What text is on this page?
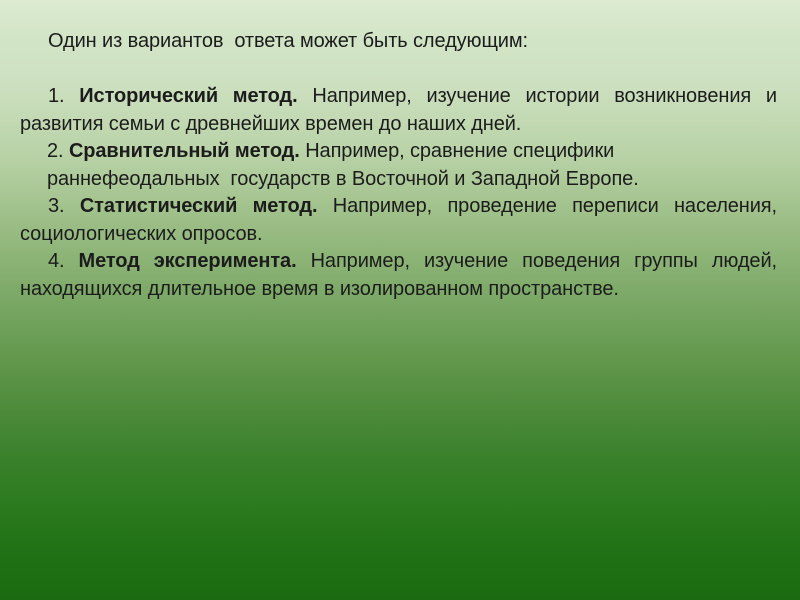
Один из вариантов  ответа может быть следующим:

1. Исторический метод. Например, изучение истории возникновения и развития семьи с древнейших времен до наших дней.

2. Сравнительный метод. Например, сравнение специфики раннефеодальных  государств в Восточной и Западной Европе.

3. Статистический метод. Например, проведение переписи населения, социологических опросов.

4. Метод эксперимента. Например, изучение поведения группы людей, находящихся длительное время в изолированном пространстве.
